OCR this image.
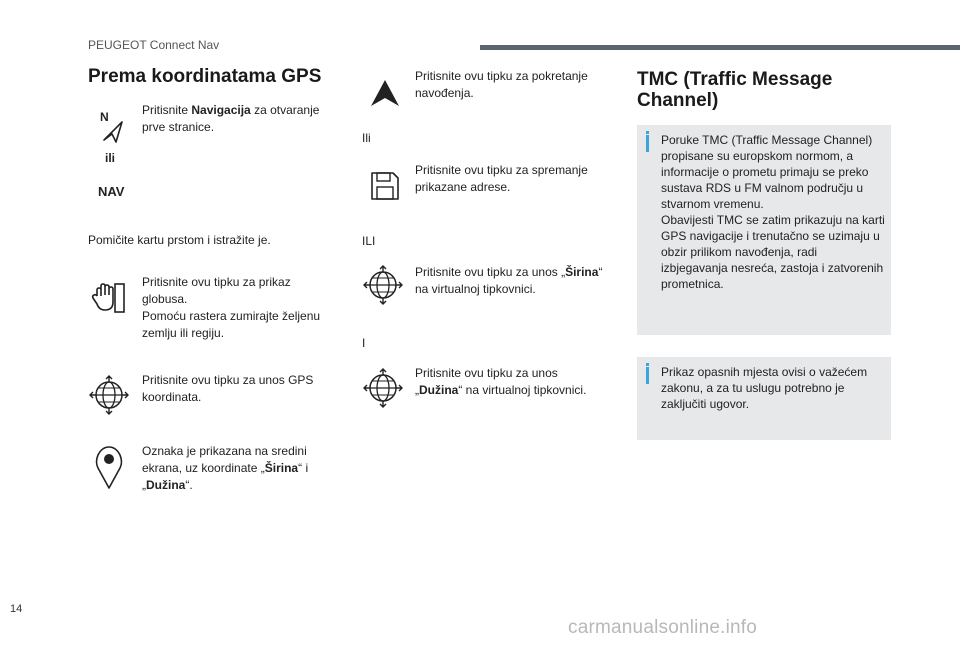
PEUGEOT Connect Nav
Prema koordinatama GPS
N
ili
NAV
Pritisnite Navigacija za otvaranje prve stranice.
Pomičite kartu prstom i istražite je.
Pritisnite ovu tipku za prikaz globusa.
Pomoću rastera zumirajte željenu zemlju ili regiju.
Pritisnite ovu tipku za unos GPS koordinata.
Oznaka je prikazana na sredini ekrana, uz koordinate „Širina“ i „Dužina“.
Pritisnite ovu tipku za pokretanje navođenja.
Ili
Pritisnite ovu tipku za spremanje prikazane adrese.
ILI
Pritisnite ovu tipku za unos „Širina“ na virtualnoj tipkovnici.
I
Pritisnite ovu tipku za unos „Dužina“ na virtualnoj tipkovnici.
TMC (Traffic Message Channel)
Poruke TMC (Traffic Message Channel) propisane su europskom normom, a informacije o prometu primaju se preko sustava RDS u FM valnom području u stvarnom vremenu.
Obavijesti TMC se zatim prikazuju na karti GPS navigacije i trenutačno se uzimaju u obzir prilikom navođenja, radi izbjegavanja nesreća, zastoja i zatvorenih prometnica.
Prikaz opasnih mjesta ovisi o važećem zakonu, a za tu uslugu potrebno je zaključiti ugovor.
14
carmanualsonline.info
